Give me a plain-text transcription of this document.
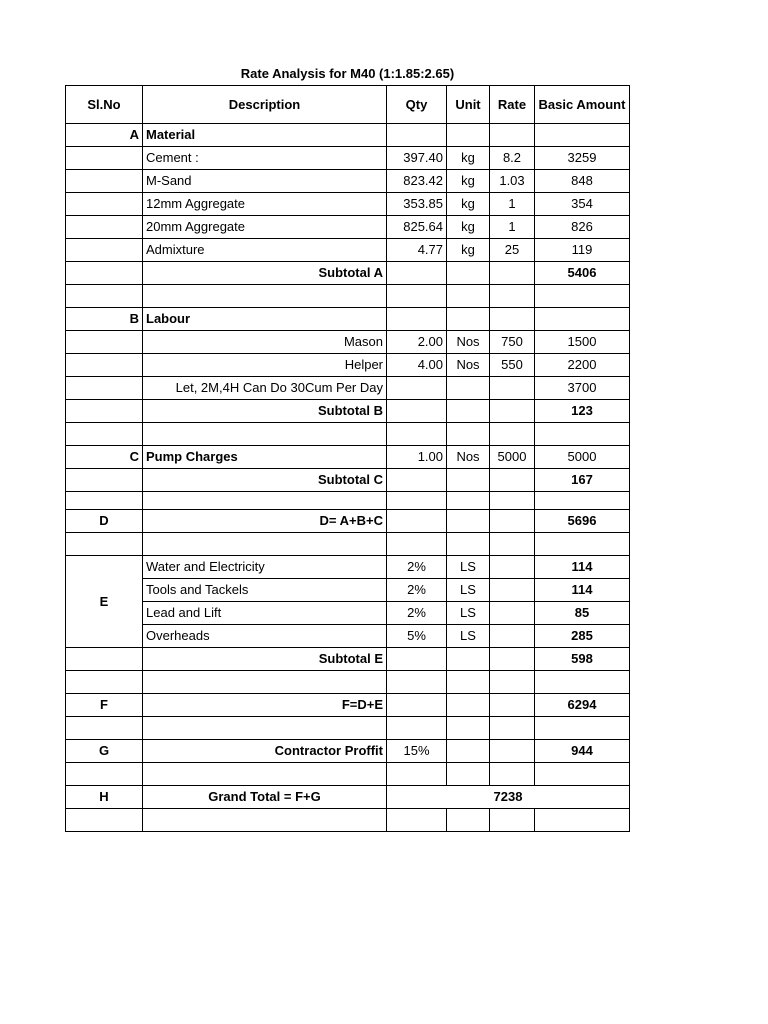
Rate Analysis for M40 (1:1.85:2.65)
Sl.No	Description	Qty	Unit	Rate	Basic Amount
A	Material				
	Cement :	397.40	kg	8.2	3259
	M-Sand	823.42	kg	1.03	848
	12mm Aggregate	353.85	kg	1	354
	20mm Aggregate	825.64	kg	1	826
	Admixture	4.77	kg	25	119
	Subtotal A				5406

B	Labour				
	Mason	2.00	Nos	750	1500
	Helper	4.00	Nos	550	2200
	Let, 2M,4H Can Do 30Cum Per Day				3700
	Subtotal B				123

C	Pump Charges	1.00	Nos	5000	5000
	Subtotal C				167

D	D= A+B+C				5696

E	Water and Electricity	2%	LS		114
	Tools and Tackels	2%	LS		114
	Lead and Lift	2%	LS		85
	Overheads	5%	LS		285
	Subtotal E				598

F	F=D+E				6294

G	Contractor Proffit	15%			944

H	Grand Total = F+G	7238			
